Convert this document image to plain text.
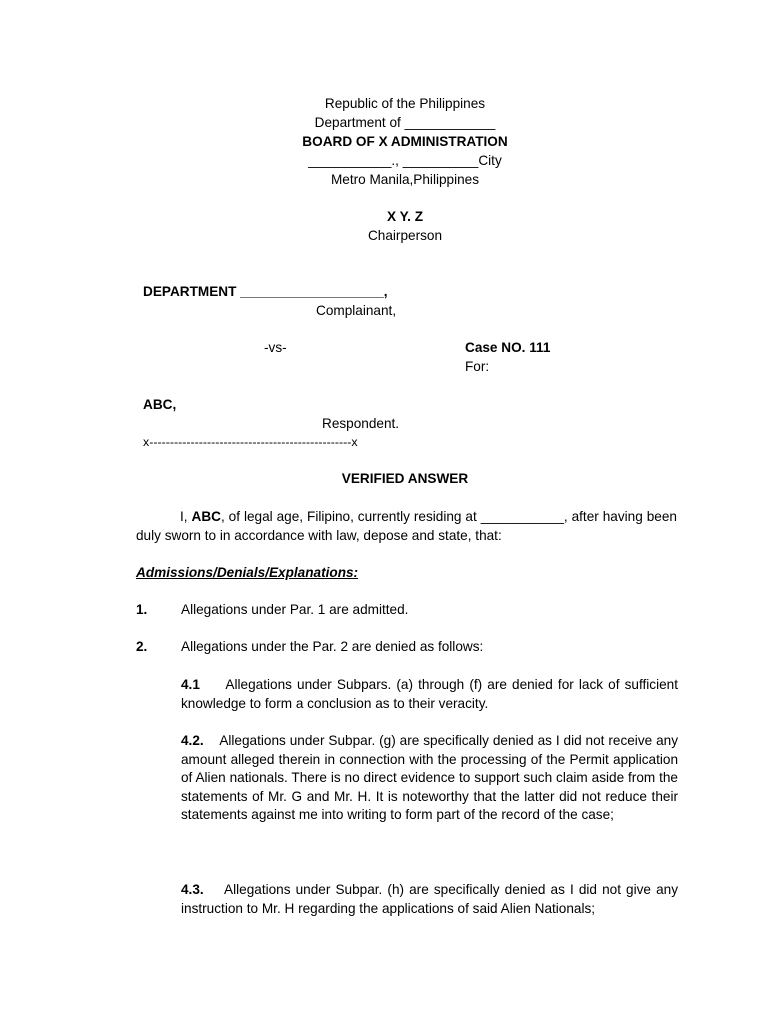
Republic of the Philippines
Department of ____________
BOARD OF X ADMINISTRATION
___________., __________City
Metro Manila,Philippines
X Y. Z
Chairperson
DEPARTMENT ___________________,
Complainant,
-vs-	Case NO. 111
For:
ABC,
Respondent.
x-------------------------------------------------x
VERIFIED ANSWER
I, ABC, of legal age, Filipino, currently residing at ___________, after having been duly sworn to in accordance with law, depose and state, that:
Admissions/Denials/Explanations:
1. Allegations under Par. 1 are admitted.
2. Allegations under the Par. 2 are denied as follows:
4.1 Allegations under Subpars. (a) through (f) are denied for lack of sufficient knowledge to form a conclusion as to their veracity.
4.2. Allegations under Subpar. (g) are specifically denied as I did not receive any amount alleged therein in connection with the processing of the Permit application of Alien nationals. There is no direct evidence to support such claim aside from the statements of Mr. G and Mr. H. It is noteworthy that the latter did not reduce their statements against me into writing to form part of the record of the case;
4.3. Allegations under Subpar. (h) are specifically denied as I did not give any instruction to Mr. H regarding the applications of said Alien Nationals;
